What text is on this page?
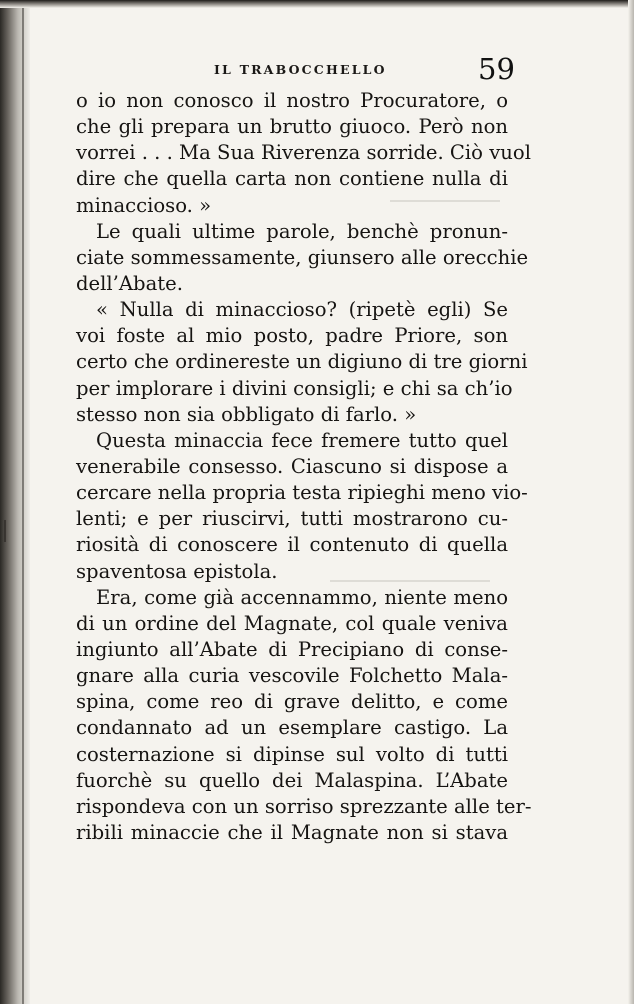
IL TRABOCCHELLO	59
o io non conosco il nostro Procuratore, o
che gli prepara un brutto giuoco. Però non
vorrei . . . Ma Sua Riverenza sorride. Ciò vuol
dire che quella carta non contiene nulla di
minaccioso. »
Le quali ultime parole, benchè pronun-
ciate sommessamente, giunsero alle orecchie
dell’Abate.
« Nulla di minaccioso? (ripetè egli) Se
voi foste al mio posto, padre Priore, son
certo che ordinereste un digiuno di tre giorni
per implorare i divini consigli; e chi sa ch’io
stesso non sia obbligato di farlo. »
Questa minaccia fece fremere tutto quel
venerabile consesso. Ciascuno si dispose a
cercare nella propria testa ripieghi meno vio-
lenti; e per riuscirvi, tutti mostrarono cu-
riosità di conoscere il contenuto di quella
spaventosa epistola.
Era, come già accennammo, niente meno
di un ordine del Magnate, col quale veniva
ingiunto all’Abate di Precipiano di conse-
gnare alla curia vescovile Folchetto Mala-
spina, come reo di grave delitto, e come
condannato ad un esemplare castigo. La
costernazione si dipinse sul volto di tutti
fuorchè su quello dei Malaspina. L’Abate
rispondeva con un sorriso sprezzante alle ter-
ribili minaccie che il Magnate non si stava
